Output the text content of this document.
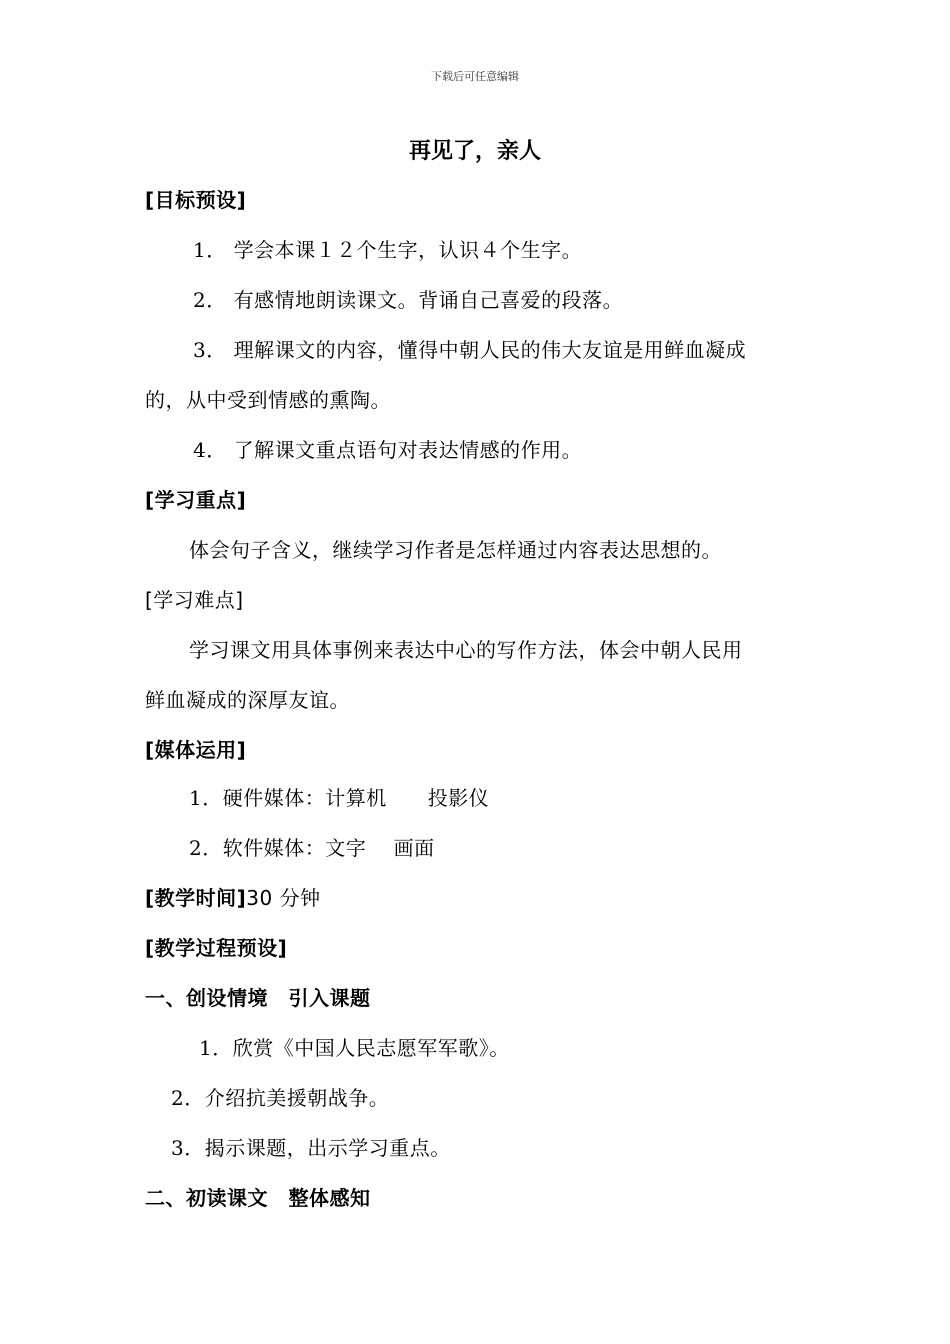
下载后可任意编辑
再见了，亲人
[目标预设]
1． 学会本课１２个生字，认识４个生字。
2． 有感情地朗读课文。背诵自己喜爱的段落。
3． 理解课文的内容，懂得中朝人民的伟大友谊是用鲜血凝成
的，从中受到情感的熏陶。
4． 了解课文重点语句对表达情感的作用。
[学习重点]
体会句子含义，继续学习作者是怎样通过内容表达思想的。
[学习难点]
学习课文用具体事例来表达中心的写作方法，体会中朝人民用
鲜血凝成的深厚友谊。
[媒体运用]
1．硬件媒体：计算机　　投影仪
2．软件媒体：文字　 画面
[教学时间]30 分钟
[教学过程预设]
一、创设情境　引入课题
1．欣赏《中国人民志愿军军歌》。
2．介绍抗美援朝战争。
3．揭示课题，出示学习重点。
二、初读课文　整体感知
